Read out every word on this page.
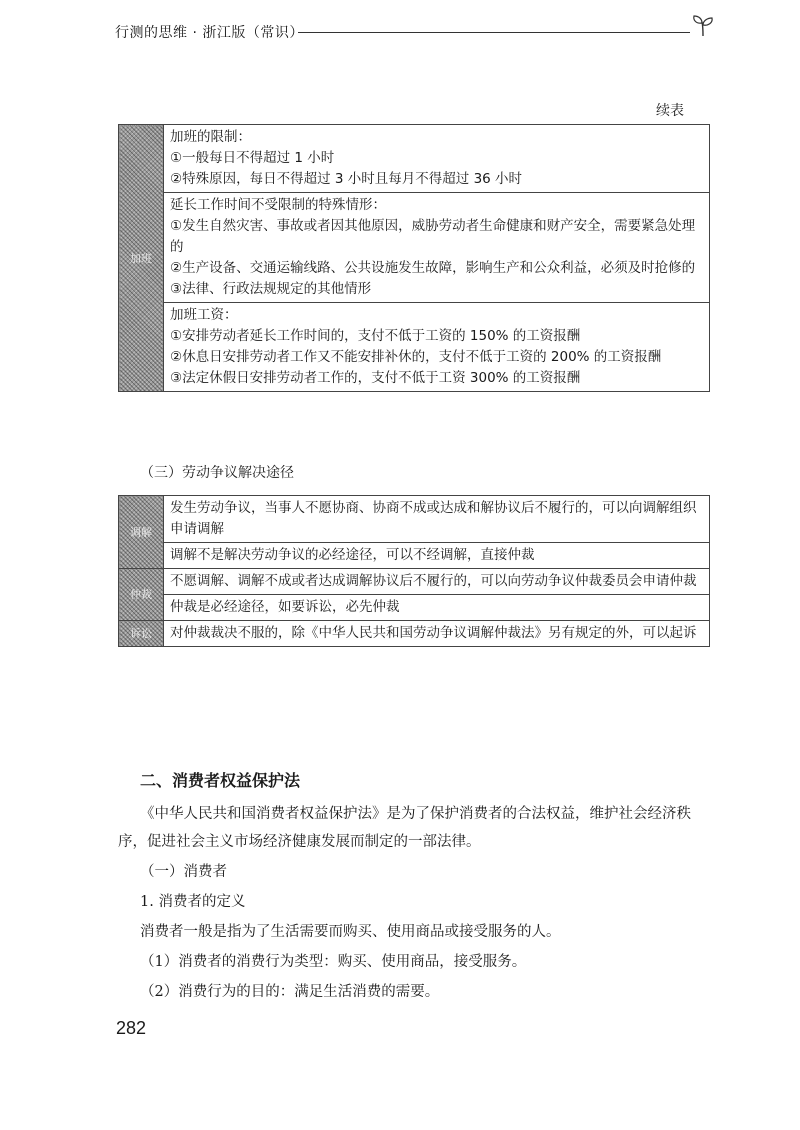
行测的思维 · 浙江版（常识）
续表
加班	
加班的限制：
①一般每日不得超过 1 小时
②特殊原因，每日不得超过 3 小时且每月不得超过 36 小时

延长工作时间不受限制的特殊情形：
①发生自然灾害、事故或者因其他原因，威胁劳动者生命健康和财产安全，需要紧急处理的
②生产设备、交通运输线路、公共设施发生故障，影响生产和公众利益，必须及时抢修的
③法律、行政法规规定的其他情形

加班工资：
①安排劳动者延长工作时间的，支付不低于工资的 150% 的工资报酬
②休息日安排劳动者工作又不能安排补休的，支付不低于工资的 200% 的工资报酬
③法定休假日安排劳动者工作的，支付不低于工资 300% 的工资报酬
（三）劳动争议解决途径
调解	发生劳动争议，当事人不愿协商、协商不成或达成和解协议后不履行的，可以向调解组织申请调解
	调解不是解决劳动争议的必经途径，可以不经调解，直接仲裁
仲裁	不愿调解、调解不成或者达成调解协议后不履行的，可以向劳动争议仲裁委员会申请仲裁
	仲裁是必经途径，如要诉讼，必先仲裁
诉讼	对仲裁裁决不服的，除《中华人民共和国劳动争议调解仲裁法》另有规定的外，可以起诉
二、消费者权益保护法
《中华人民共和国消费者权益保护法》是为了保护消费者的合法权益，维护社会经济秩序，促进社会主义市场经济健康发展而制定的一部法律。
（一）消费者
1. 消费者的定义
消费者一般是指为了生活需要而购买、使用商品或接受服务的人。
（1）消费者的消费行为类型：购买、使用商品，接受服务。
（2）消费行为的目的：满足生活消费的需要。
282
